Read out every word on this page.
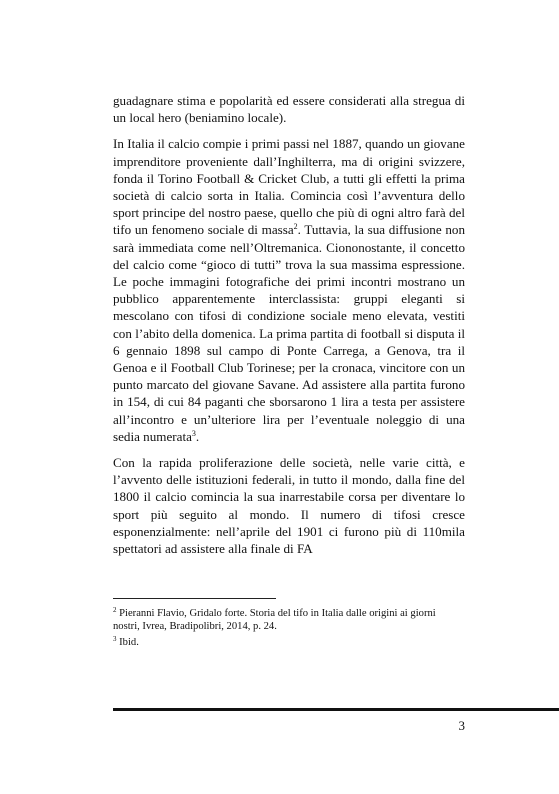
guadagnare stima e popolarità ed essere considerati alla stregua di un local hero (beniamino locale).

In Italia il calcio compie i primi passi nel 1887, quando un giovane imprenditore proveniente dall’Inghilterra, ma di origini svizzere, fonda il Torino Football & Cricket Club, a tutti gli effetti la prima società di calcio sorta in Italia. Comincia così l’avventura dello sport principe del nostro paese, quello che più di ogni altro farà del tifo un fenomeno sociale di massa$^2$. Tuttavia, la sua diffusione non sarà immediata come nell’Oltremanica. Ciononostante, il concetto del calcio come “gioco di tutti” trova la sua massima espressione. Le poche immagini fotografiche dei primi incontri mostrano un pubblico apparentemente interclassista: gruppi eleganti si mescolano con tifosi di condizione sociale meno elevata, vestiti con l’abito della domenica. La prima partita di football si disputa il 6 gennaio 1898 sul campo di Ponte Carrega, a Genova, tra il Genoa e il Football Club Torinese; per la cronaca, vincitore con un punto marcato del giovane Savane. Ad assistere alla partita furono in 154, di cui 84 paganti che sborsarono 1 lira a testa per assistere all’incontro e un’ulteriore lira per l’eventuale noleggio di una sedia numerata$^3$.

Con la rapida proliferazione delle società, nelle varie città, e l’avvento delle istituzioni federali, in tutto il mondo, dalla fine del 1800 il calcio comincia la sua inarrestabile corsa per diventare lo sport più seguito al mondo. Il numero di tifosi cresce esponenzialmente: nell’aprile del 1901 ci furono più di 110mila spettatori ad assistere alla finale di FA

$^2$ Pieranni Flavio, Gridalo forte. Storia del tifo in Italia dalle origini ai giorni nostri, Ivrea, Bradipolibri, 2014, p. 24.

$^3$ Ibid.

3
